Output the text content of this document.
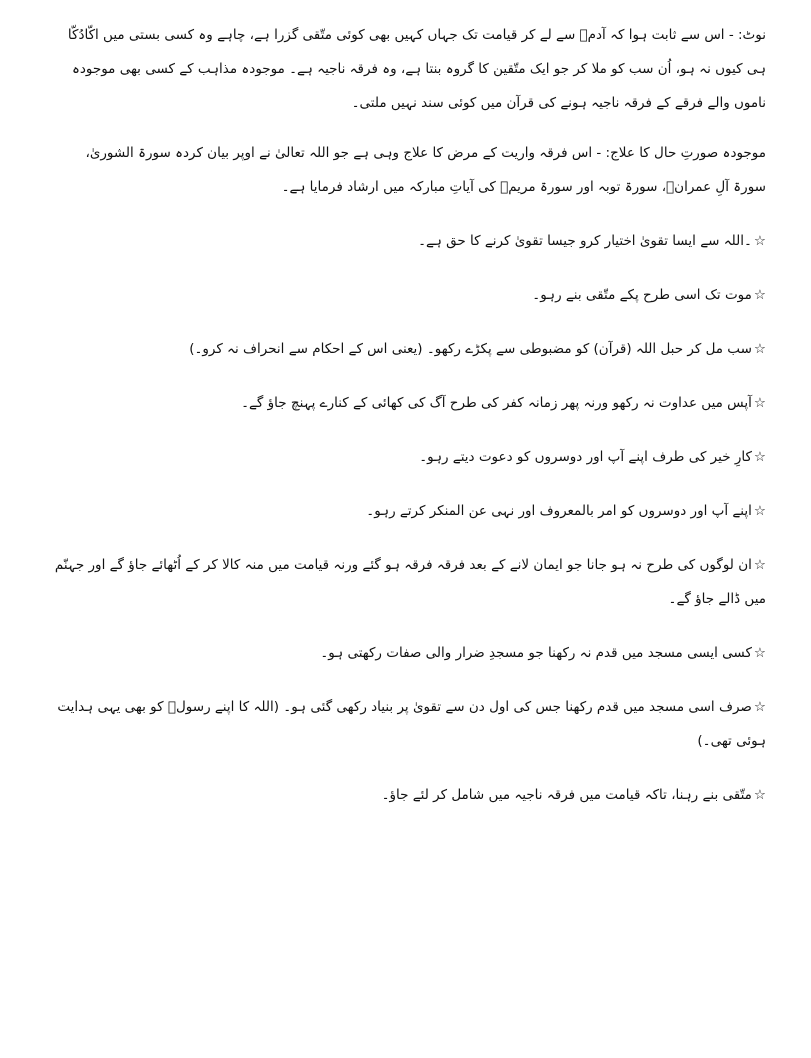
نوٹ: - اس سے ثابت ہوا کہ آدمؑ سے لے کر قیامت تک جہاں کہیں بھی کوئی متّقی گزرا ہے، چاہے وہ کسی بستی میں اکّادُکّا ہی کیوں نہ ہو، اُن سب کو ملا کر جو ایک متّقین کا گروہ بنتا ہے، وہ فرقہ ناجیہ ہے۔ موجودہ مذاہب کے کسی بھی موجودہ ناموں والے فرقے کے فرقہ ناجیہ ہونے کی قرآن میں کوئی سند نہیں ملتی۔

موجودہ صورتِ حال کا علاج: - اس فرقہ واریت کے مرض کا علاج وہی ہے جو اللہ تعالیٰ نے اوپر بیان کردہ سورۃ الشوریٰ، سورۃ آلِ عمرانؑ، سورۃ توبہ اور سورۃ مریمؑ کی آیاتِ مبارکہ میں ارشاد فرمایا ہے۔

☆۔اللہ سے ایسا تقویٰ اختیار کرو جیسا تقویٰ کرنے کا حق ہے۔

☆موت تک اسی طرح پکے متّقی بنے رہو۔

☆سب مل کر حبل اللہ (قرآن) کو مضبوطی سے پکڑے رکھو۔ (یعنی اس کے احکام سے انحراف نہ کرو۔)

☆آپس میں عداوت نہ رکھو ورنہ پھر زمانہ کفر کی طرح آگ کی کھائی کے کنارے پہنچ جاؤ گے۔

☆کارِ خیر کی طرف اپنے آپ اور دوسروں کو دعوت دیتے رہو۔

☆اپنے آپ اور دوسروں کو امر بالمعروف اور نہی عن المنکر کرتے رہو۔

☆ان لوگوں کی طرح نہ ہو جانا جو ایمان لانے کے بعد فرقہ فرقہ ہو گئے ورنہ قیامت میں منہ کالا کر کے اُٹھائے جاؤ گے اور جہنّم میں ڈالے جاؤ گے۔

☆کسی ایسی مسجد میں قدم نہ رکھنا جو مسجدِ ضرار والی صفات رکھتی ہو۔

☆صرف اسی مسجد میں قدم رکھنا جس کی اول دن سے تقویٰ پر بنیاد رکھی گئی ہو۔ (اللہ کا اپنے رسولؐ کو بھی یہی ہدایت ہوئی تھی۔)

☆متّقی بنے رہنا، تاکہ قیامت میں فرقہ ناجیہ میں شامل کر لئے جاؤ۔
